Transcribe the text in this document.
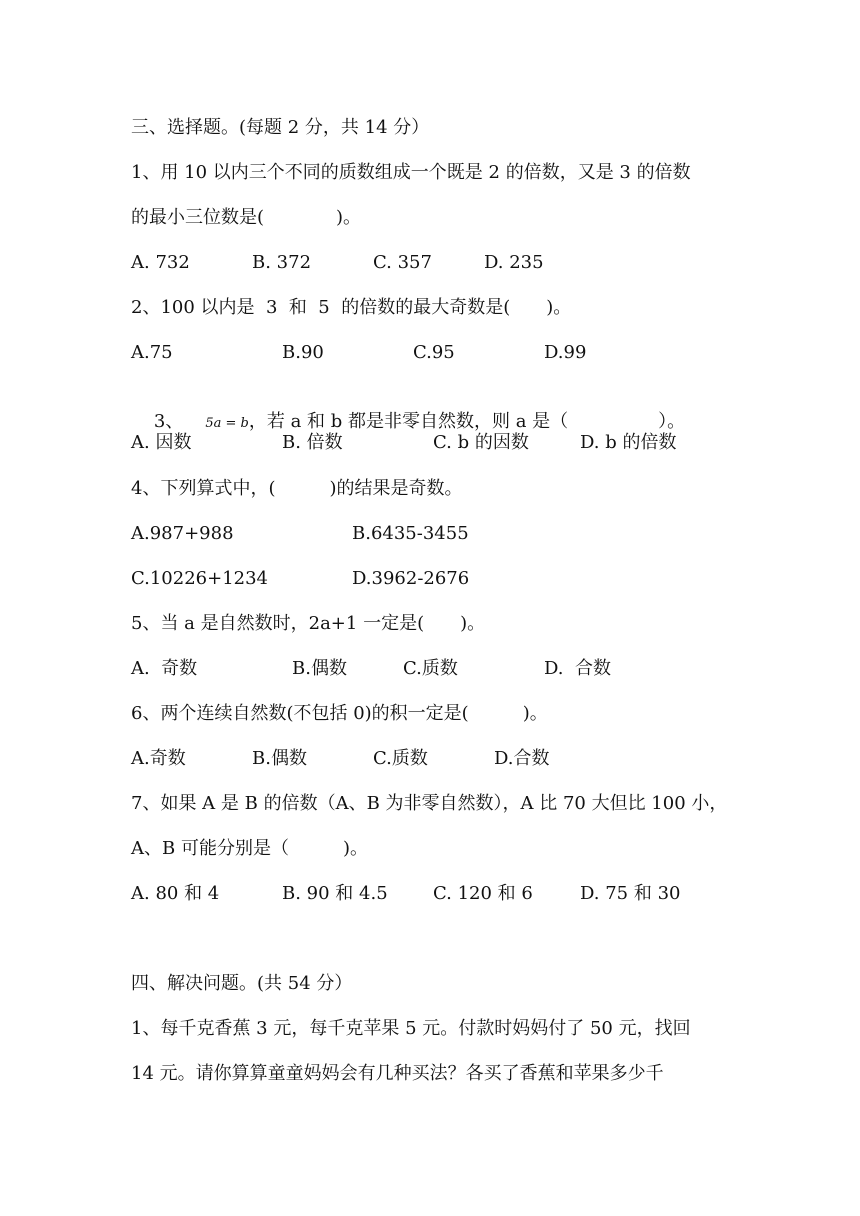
三、选择题。(每题 2 分，共 14 分）
1、用 10 以内三个不同的质数组成一个既是 2 的倍数，又是 3 的倍数
的最小三位数是(　　　　)。
A. 732	B. 372	C. 357	D. 235
2、100 以内是  3  和  5  的倍数的最大奇数是(　　)。
A.75	B.90	C.95	D.99

3、 5a = b，若 a 和 b 都是非零自然数，则 a 是（　　　　　）。

A. 因数	B. 倍数	C. b 的因数	D. b 的倍数
4、下列算式中，(　　　)的结果是奇数。
A.987+988	B.6435-3455
C.10226+1234	D.3962-2676
5、当 a 是自然数时，2a+1 一定是(　　)。
A.  奇数	B.偶数	C.质数	D.  合数
6、两个连续自然数(不包括 0)的积一定是(　　　)。
A.奇数	B.偶数	C.质数	D.合数
7、如果 A 是 B 的倍数（A、B 为非零自然数），A 比 70 大但比 100 小，
A、B 可能分别是（　　　)。
A. 80 和 4	B. 90 和 4.5	C. 120 和 6	D. 75 和 30
四、解决问题。(共 54 分）
1、每千克香蕉 3 元，每千克苹果 5 元。付款时妈妈付了 50 元，找回
14 元。请你算算童童妈妈会有几种买法？各买了香蕉和苹果多少千
